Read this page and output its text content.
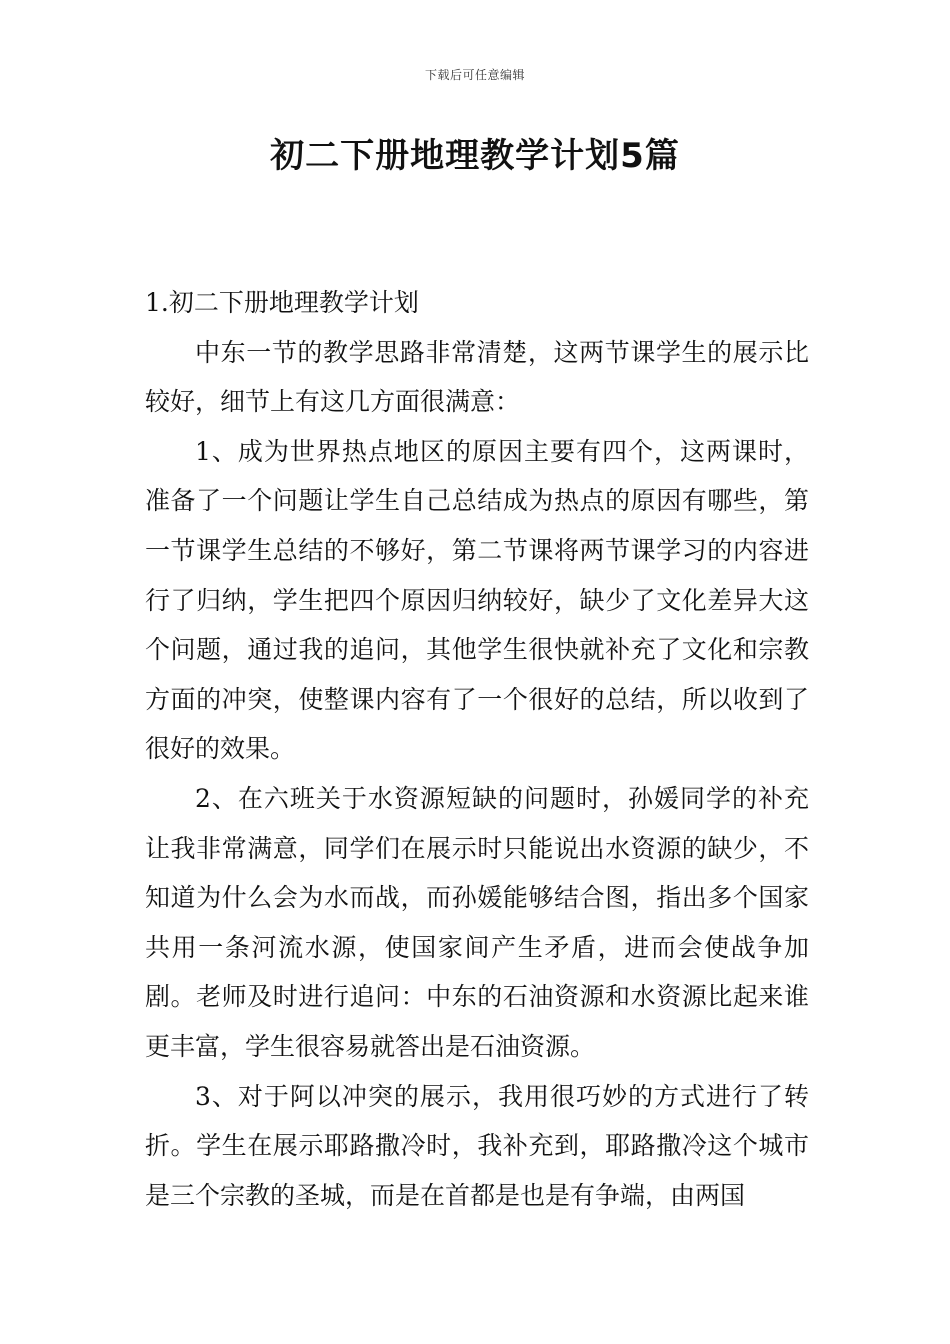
下载后可任意编辑
初二下册地理教学计划5篇

1.初二下册地理教学计划

中东一节的教学思路非常清楚，这两节课学生的展示比较好，细节上有这几方面很满意：

1、成为世界热点地区的原因主要有四个，这两课时，准备了一个问题让学生自己总结成为热点的原因有哪些，第一节课学生总结的不够好，第二节课将两节课学习的内容进行了归纳，学生把四个原因归纳较好，缺少了文化差异大这个问题，通过我的追问，其他学生很快就补充了文化和宗教方面的冲突，使整课内容有了一个很好的总结，所以收到了很好的效果。

2、在六班关于水资源短缺的问题时，孙媛同学的补充让我非常满意，同学们在展示时只能说出水资源的缺少，不知道为什么会为水而战，而孙媛能够结合图，指出多个国家共用一条河流水源，使国家间产生矛盾，进而会使战争加剧。老师及时进行追问：中东的石油资源和水资源比起来谁更丰富，学生很容易就答出是石油资源。

3、对于阿以冲突的展示，我用很巧妙的方式进行了转折。学生在展示耶路撒冷时，我补充到，耶路撒冷这个城市是三个宗教的圣城，而是在首都是也是有争端，由两国
